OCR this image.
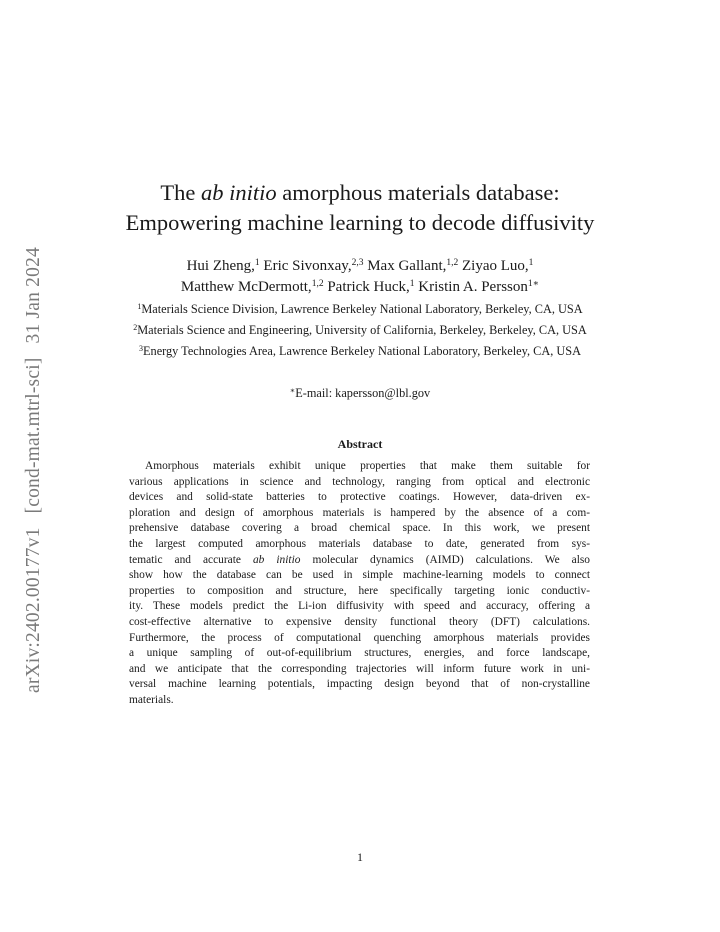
arXiv:2402.00177v1[cond-mat.mtrl-sci]31 Jan 2024
The ab initio amorphous materials database:
Empowering machine learning to decode diffusivity
Hui Zheng,$^1$ Eric Sivonxay,$^{2,3}$ Max Gallant,$^{1,2}$ Ziyao Luo,$^1$
Matthew McDermott,$^{1,2}$ Patrick Huck,$^1$ Kristin A. Persson$^{1∗}$
$^1$Materials Science Division, Lawrence Berkeley National Laboratory, Berkeley, CA, USA
$^2$Materials Science and Engineering, University of California, Berkeley, Berkeley, CA, USA
$^3$Energy Technologies Area, Lawrence Berkeley National Laboratory, Berkeley, CA, USA
∗E-mail: kapersson@lbl.gov
Abstract
Amorphous materials exhibit unique properties that make them suitable for
various applications in science and technology, ranging from optical and electronic
devices and solid-state batteries to protective coatings. However, data-driven ex-
ploration and design of amorphous materials is hampered by the absence of a com-
prehensive database covering a broad chemical space. In this work, we present
the largest computed amorphous materials database to date, generated from sys-
tematic and accurate ab initio molecular dynamics (AIMD) calculations. We also
show how the database can be used in simple machine-learning models to connect
properties to composition and structure, here specifically targeting ionic conductiv-
ity. These models predict the Li-ion diffusivity with speed and accuracy, offering a
cost-effective alternative to expensive density functional theory (DFT) calculations.
Furthermore, the process of computational quenching amorphous materials provides
a unique sampling of out-of-equilibrium structures, energies, and force landscape,
and we anticipate that the corresponding trajectories will inform future work in uni-
versal machine learning potentials, impacting design beyond that of non-crystalline
materials.
1
